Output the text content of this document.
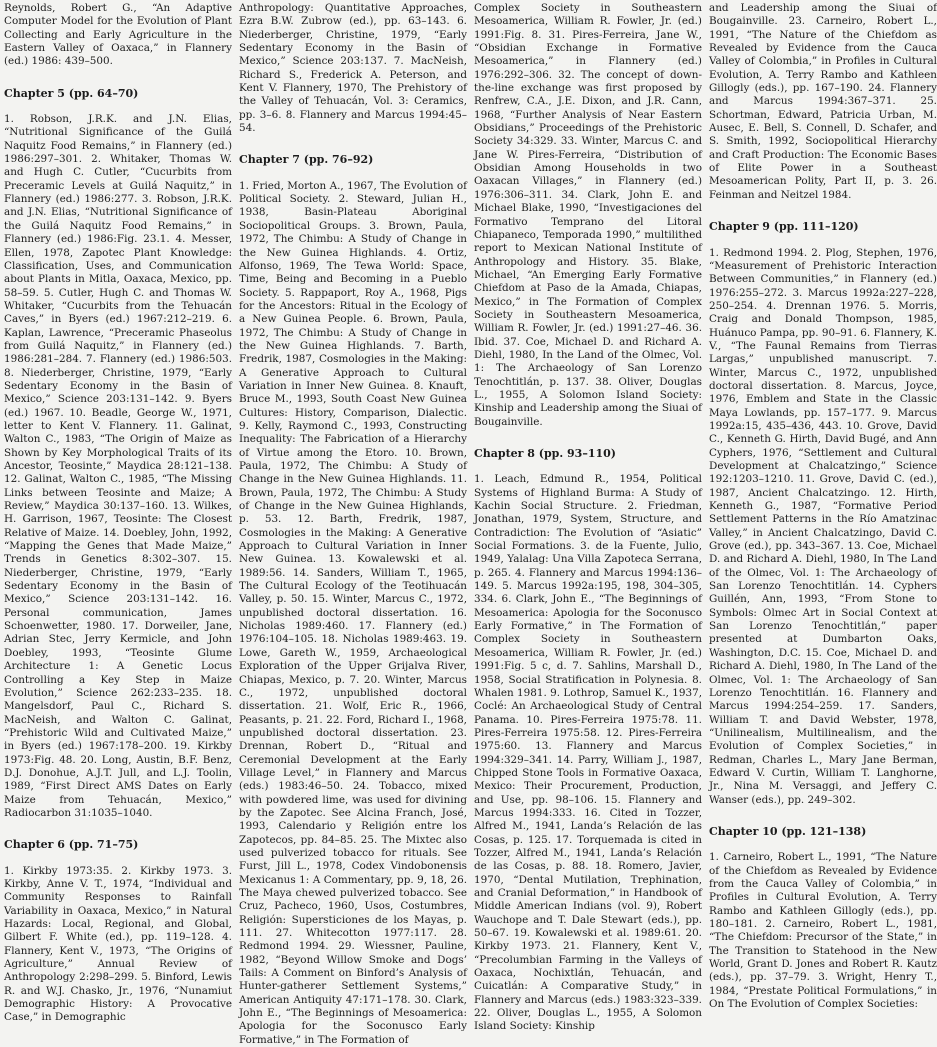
Reynolds, Robert G., “An Adaptive Computer Model for the Evolution of Plant Collecting and Early Agriculture in the Eastern Valley of Oaxaca,” in Flannery (ed.) 1986: 439–500.

Chapter 5 (pp. 64–70)

1. Robson, J.R.K. and J.N. Elias, “Nutritional Significance of the Guilá Naquitz Food Remains,” in Flannery (ed.) 1986:297–301. 2. Whitaker, Thomas W. and Hugh C. Cutler, “Cucurbits from Preceramic Levels at Guilá Naquitz,” in Flannery (ed.) 1986:277. 3. Robson, J.R.K. and J.N. Elias, “Nutritional Significance of the Guilá Naquitz Food Remains,” in Flannery (ed.) 1986:Fig. 23.1. 4. Messer, Ellen, 1978, Zapotec Plant Knowledge: Classification, Uses, and Communication about Plants in Mitla, Oaxaca, Mexico, pp. 58–59. 5. Cutler, Hugh C. and Thomas W. Whitaker, “Cucurbits from the Tehuacán Caves,” in Byers (ed.) 1967:212–219. 6. Kaplan, Lawrence, “Preceramic Phaseolus from Guilá Naquitz,” in Flannery (ed.) 1986:281–284. 7. Flannery (ed.) 1986:503. 8. Niederberger, Christine, 1979, “Early Sedentary Economy in the Basin of Mexico,” Science 203:131–142. 9. Byers (ed.) 1967. 10. Beadle, George W., 1971, letter to Kent V. Flannery. 11. Galinat, Walton C., 1983, “The Origin of Maize as Shown by Key Morphological Traits of its Ancestor, Teosinte,” Maydica 28:121–138. 12. Galinat, Walton C., 1985, “The Missing Links between Teosinte and Maize; A Review,” Maydica 30:137–160. 13. Wilkes, H. Garrison, 1967, Teosinte: The Closest Relative of Maize. 14. Doebley, John, 1992, “Mapping the Genes that Made Maize,” Trends in Genetics 8:302–307. 15. Niederberger, Christine, 1979, “Early Sedentary Economy in the Basin of Mexico,” Science 203:131–142. 16. Personal communication, James Schoenwetter, 1980. 17. Dorweiler, Jane, Adrian Stec, Jerry Kermicle, and John Doebley, 1993, “Teosinte Glume Architecture 1: A Genetic Locus Controlling a Key Step in Maize Evolution,” Science 262:233–235. 18. Mangelsdorf, Paul C., Richard S. MacNeish, and Walton C. Galinat, “Prehistoric Wild and Cultivated Maize,” in Byers (ed.) 1967:178–200. 19. Kirkby 1973:Fig. 48. 20. Long, Austin, B.F. Benz, D.J. Donohue, A.J.T. Jull, and L.J. Toolin, 1989, “First Direct AMS Dates on Early Maize from Tehuacán, Mexico,” Radiocarbon 31:1035–1040.

Chapter 6 (pp. 71–75)

1. Kirkby 1973:35. 2. Kirkby 1973. 3. Kirkby, Anne V. T., 1974, “Individual and Community Responses to Rainfall Variability in Oaxaca, Mexico,” in Natural Hazards: Local, Regional, and Global, Gilbert F. White (ed.), pp. 119–128. 4. Flannery, Kent V., 1973, “The Origins of Agriculture,” Annual Review of Anthropology 2:298–299. 5. Binford, Lewis R. and W.J. Chasko, Jr., 1976, “Nunamiut Demographic History: A Provocative Case,” in Demographic

Anthropology: Quantitative Approaches, Ezra B.W. Zubrow (ed.), pp. 63–143. 6. Niederberger, Christine, 1979, “Early Sedentary Economy in the Basin of Mexico,” Science 203:137. 7. MacNeish, Richard S., Frederick A. Peterson, and Kent V. Flannery, 1970, The Prehistory of the Valley of Tehuacán, Vol. 3: Ceramics, pp. 3–6. 8. Flannery and Marcus 1994:45–54.

Chapter 7 (pp. 76–92)

1. Fried, Morton A., 1967, The Evolution of Political Society. 2. Steward, Julian H., 1938, Basin-Plateau Aboriginal Sociopolitical Groups. 3. Brown, Paula, 1972, The Chimbu: A Study of Change in the New Guinea Highlands. 4. Ortiz, Alfonso, 1969, The Tewa World: Space, Time, Being and Becoming in a Pueblo Society. 5. Rappaport, Roy A., 1968, Pigs for the Ancestors: Ritual in the Ecology of a New Guinea People. 6. Brown, Paula, 1972, The Chimbu: A Study of Change in the New Guinea Highlands. 7. Barth, Fredrik, 1987, Cosmologies in the Making: A Generative Approach to Cultural Variation in Inner New Guinea. 8. Knauft, Bruce M., 1993, South Coast New Guinea Cultures: History, Comparison, Dialectic. 9. Kelly, Raymond C., 1993, Constructing Inequality: The Fabrication of a Hierarchy of Virtue among the Etoro. 10. Brown, Paula, 1972, The Chimbu: A Study of Change in the New Guinea Highlands. 11. Brown, Paula, 1972, The Chimbu: A Study of Change in the New Guinea Highlands, p. 53. 12. Barth, Fredrik, 1987, Cosmologies in the Making: A Generative Approach to Cultural Variation in Inner New Guinea. 13. Kowalewski et al. 1989:56. 14. Sanders, William T., 1965, The Cultural Ecology of the Teotihuacán Valley, p. 50. 15. Winter, Marcus C., 1972, unpublished doctoral dissertation. 16. Nicholas 1989:460. 17. Flannery (ed.) 1976:104–105. 18. Nicholas 1989:463. 19. Lowe, Gareth W., 1959, Archaeological Exploration of the Upper Grijalva River, Chiapas, Mexico, p. 7. 20. Winter, Marcus C., 1972, unpublished doctoral dissertation. 21. Wolf, Eric R., 1966, Peasants, p. 21. 22. Ford, Richard I., 1968, unpublished doctoral dissertation. 23. Drennan, Robert D., “Ritual and Ceremonial Development at the Early Village Level,” in Flannery and Marcus (eds.) 1983:46–50. 24. Tobacco, mixed with powdered lime, was used for divining by the Zapotec. See Alcina Franch, José, 1993, Calendario y Religión entre los Zapotecos, pp. 84–85. 25. The Mixtec also used pulverized tobacco for rituals. See Furst, Jill L., 1978, Codex Vindobonensis Mexicanus 1: A Commentary, pp. 9, 18, 26. The Maya chewed pulverized tobacco. See Cruz, Pacheco, 1960, Usos, Costumbres, Religión: Supersticiones de los Mayas, p. 111. 27. Whitecotton 1977:117. 28. Redmond 1994. 29. Wiessner, Pauline, 1982, “Beyond Willow Smoke and Dogs’ Tails: A Comment on Binford’s Analysis of Hunter-gatherer Settlement Systems,” American Antiquity 47:171–178. 30. Clark, John E., “The Beginnings of Mesoamerica: Apologia for the Soconusco Early Formative,” in The Formation of

Complex Society in Southeastern Mesoamerica, William R. Fowler, Jr. (ed.) 1991:Fig. 8. 31. Pires-Ferreira, Jane W., “Obsidian Exchange in Formative Mesoamerica,” in Flannery (ed.) 1976:292–306. 32. The concept of down-the-line exchange was first proposed by Renfrew, C.A., J.E. Dixon, and J.R. Cann, 1968, “Further Analysis of Near Eastern Obsidians,” Proceedings of the Prehistoric Society 34:329. 33. Winter, Marcus C. and Jane W. Pires-Ferreira, “Distribution of Obsidian Among Households in two Oaxacan Villages,” in Flannery (ed.) 1976:306–311. 34. Clark, John E. and Michael Blake, 1990, “Investigaciones del Formativo Temprano del Litoral Chiapaneco, Temporada 1990,” multilithed report to Mexican National Institute of Anthropology and History. 35. Blake, Michael, “An Emerging Early Formative Chiefdom at Paso de la Amada, Chiapas, Mexico,” in The Formation of Complex Society in Southeastern Mesoamerica, William R. Fowler, Jr. (ed.) 1991:27–46. 36. Ibid. 37. Coe, Michael D. and Richard A. Diehl, 1980, In the Land of the Olmec, Vol. 1: The Archaeology of San Lorenzo Tenochtitlán, p. 137. 38. Oliver, Douglas L., 1955, A Solomon Island Society: Kinship and Leadership among the Siuai of Bougainville.

Chapter 8 (pp. 93–110)

1. Leach, Edmund R., 1954, Political Systems of Highland Burma: A Study of Kachin Social Structure. 2. Friedman, Jonathan, 1979, System, Structure, and Contradiction: The Evolution of “Asiatic” Social Formations. 3. de la Fuente, Julio, 1949, Yalalag: Una Villa Zapoteca Serrana, p. 265. 4. Flannery and Marcus 1994:136–149. 5. Marcus 1992a:195, 198, 304–305, 334. 6. Clark, John E., “The Beginnings of Mesoamerica: Apologia for the Soconusco Early Formative,” in The Formation of Complex Society in Southeastern Mesoamerica, William R. Fowler, Jr. (ed.) 1991:Fig. 5 c, d. 7. Sahlins, Marshall D., 1958, Social Stratification in Polynesia. 8. Whalen 1981. 9. Lothrop, Samuel K., 1937, Coclé: An Archaeological Study of Central Panama. 10. Pires-Ferreira 1975:78. 11. Pires-Ferreira 1975:58. 12. Pires-Ferreira 1975:60. 13. Flannery and Marcus 1994:329–341. 14. Parry, William J., 1987, Chipped Stone Tools in Formative Oaxaca, Mexico: Their Procurement, Production, and Use, pp. 98–106. 15. Flannery and Marcus 1994:333. 16. Cited in Tozzer, Alfred M., 1941, Landa’s Relación de las Cosas, p. 125. 17. Torquemada is cited in Tozzer, Alfred M., 1941, Landa’s Relación de las Cosas, p. 88. 18. Romero, Javier, 1970, “Dental Mutilation, Trephination, and Cranial Deformation,” in Handbook of Middle American Indians (vol. 9), Robert Wauchope and T. Dale Stewart (eds.), pp. 50–67. 19. Kowalewski et al. 1989:61. 20. Kirkby 1973. 21. Flannery, Kent V., “Precolumbian Farming in the Valleys of Oaxaca, Nochixtlán, Tehuacán, and Cuicatlán: A Comparative Study,” in Flannery and Marcus (eds.) 1983:323–339. 22. Oliver, Douglas L., 1955, A Solomon Island Society: Kinship

and Leadership among the Siuai of Bougainville. 23. Carneiro, Robert L., 1991, “The Nature of the Chiefdom as Revealed by Evidence from the Cauca Valley of Colombia,” in Profiles in Cultural Evolution, A. Terry Rambo and Kathleen Gillogly (eds.), pp. 167–190. 24. Flannery and Marcus 1994:367–371. 25. Schortman, Edward, Patricia Urban, M. Ausec, E. Bell, S. Connell, D. Schafer, and S. Smith, 1992, Sociopolitical Hierarchy and Craft Production: The Economic Bases of Elite Power in a Southeast Mesoamerican Polity, Part II, p. 3. 26. Feinman and Neitzel 1984.

Chapter 9 (pp. 111–120)

1. Redmond 1994. 2. Plog, Stephen, 1976, “Measurement of Prehistoric Interaction Between Communities,” in Flannery (ed.) 1976:255–272. 3. Marcus 1992a:227–228, 250–254. 4. Drennan 1976. 5. Morris, Craig and Donald Thompson, 1985, Huánuco Pampa, pp. 90–91. 6. Flannery, K. V., “The Faunal Remains from Tierras Largas,” unpublished manuscript. 7. Winter, Marcus C., 1972, unpublished doctoral dissertation. 8. Marcus, Joyce, 1976, Emblem and State in the Classic Maya Lowlands, pp. 157–177. 9. Marcus 1992a:15, 435–436, 443. 10. Grove, David C., Kenneth G. Hirth, David Bugé, and Ann Cyphers, 1976, “Settlement and Cultural Development at Chalcatzingo,” Science 192:1203–1210. 11. Grove, David C. (ed.), 1987, Ancient Chalcatzingo. 12. Hirth, Kenneth G., 1987, “Formative Period Settlement Patterns in the Río Amatzinac Valley,” in Ancient Chalcatzingo, David C. Grove (ed.), pp. 343–367. 13. Coe, Michael D. and Richard A. Diehl, 1980, In The Land of the Olmec, Vol. 1: The Archaeology of San Lorenzo Tenochtitlán. 14. Cyphers Guillén, Ann, 1993, “From Stone to Symbols: Olmec Art in Social Context at San Lorenzo Tenochtitlán,” paper presented at Dumbarton Oaks, Washington, D.C. 15. Coe, Michael D. and Richard A. Diehl, 1980, In The Land of the Olmec, Vol. 1: The Archaeology of San Lorenzo Tenochtitlán. 16. Flannery and Marcus 1994:254–259. 17. Sanders, William T. and David Webster, 1978, “Unilinealism, Multilinealism, and the Evolution of Complex Societies,” in Redman, Charles L., Mary Jane Berman, Edward V. Curtin, William T. Langhorne, Jr., Nina M. Versaggi, and Jeffery C. Wanser (eds.), pp. 249–302.

Chapter 10 (pp. 121–138)

1. Carneiro, Robert L., 1991, “The Nature of the Chiefdom as Revealed by Evidence from the Cauca Valley of Colombia,” in Profiles in Cultural Evolution, A. Terry Rambo and Kathleen Gillogly (eds.), pp. 180–181. 2. Carneiro, Robert L., 1981, “The Chiefdom: Precursor of the State,” in The Transition to Statehood in the New World, Grant D. Jones and Robert R. Kautz (eds.), pp. 37–79. 3. Wright, Henry T., 1984, “Prestate Political Formulations,” in On The Evolution of Complex Societies:
